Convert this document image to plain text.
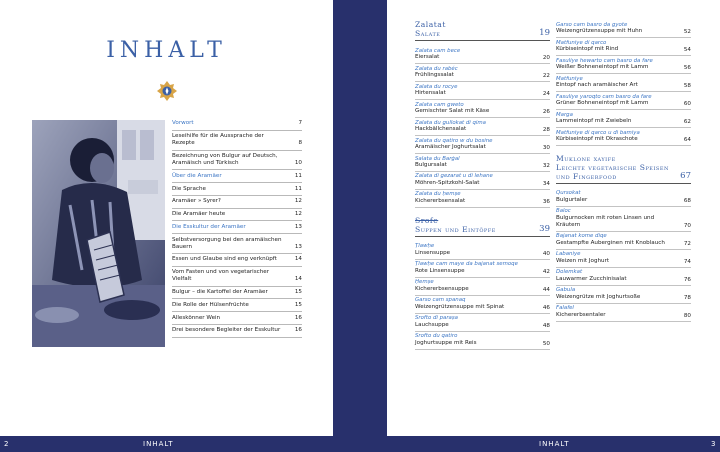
INHALT
Vorwort	7
Leseihilfe für die Aussprache der Rezepte	8
Bezeichnung von Bulgur auf Deutsch, Aramäisch und Türkisch	10
Über die Aramäer	11
Die Sprache	11
Aramäer » Syrer?	12
Die Aramäer heute	12
Die Esskultur der Aramäer	13
Selbstversorgung bei den aramäischen Bauern	13
Essen und Glaube sind eng verknüpft	14
Vom Fasten und von vegetarischer Vielfalt	14
Bulgur – die Kartoffel der Aramäer	15
Die Rolle der Hülsenfrüchte	15
Alleskönner Wein	16
Drei besondere Begleiter der Esskultur	16
2	INHALT
Zalatat
Salate	19
Zalata cam bece
Eiersalat	20
Zalata du rabéc
Frühlingssalat	22
Zalata du rocye
Hirtensalat	24
Zalata cam gweto
Gemischter Salat mit Käse	26
Zalata du gullokat di qima
Hackbällchensalat	28
Zalata du qatiro w du bosine
Aramäischer Joghurtsalat	30
Salata du Barġal
Bulgursalat	32
Zalata di gezarat u di lehane
Möhren-Spitzkohl-Salat	34
Zalata du ḥemṣe
Kichererbsensalat	36
Srofe
Suppen und Eintöpfe	39
Ṭlawḥe
Linsensuppe	40
Ṭlawḥe cam maye da bajanat semoqe
Rote Linsensuppe	42
Ḥemṣe
Kichererbsensuppe	44
Garso cam spanaq
Weizengrützensuppe mit Spinat	46
Srofto di paraṣa
Lauchsuppe	48
Srofto du qatiro
Joghurtsuppe mit Reis	50
Garso cam basro da gyote
Weizengrützensuppe mit Huhn	52
Matfuniye di qarco
Kürbiseintopf mit Rind	54
Fasuliye hewarto cam basro da fare
Weißer Bohneneintopf mit Lamm	56
Matfuniye
Eintopf nach aramäischer Art	58
Fasuliye yaroqto cam basro da fare
Grüner Bohneneintopf mit Lamm	60
Marga
Lammeintopf mit Zwiebeln	62
Matfuniye di qarco u di bamiya
Kürbiseintopf mit Okraschote	64
Muklone xayife
Leichte vegetarische Speisen und Fingerfood	67
Qursokat
Bulgurtaler	68
Baloc
Bulgurnocken mit roten Linsen und Kräutern	70
Bajanat kome diqe
Gestampfte Auberginen mit Knoblauch	72
Labaniye
Weizen mit Joghurt	74
Dolemkat
Lauwarmer Zucchinisalat	76
Gabula
Weizengrütze mit Joghurtsoße	78
Falafel
Kichererbsentaler	80
INHALT	3
